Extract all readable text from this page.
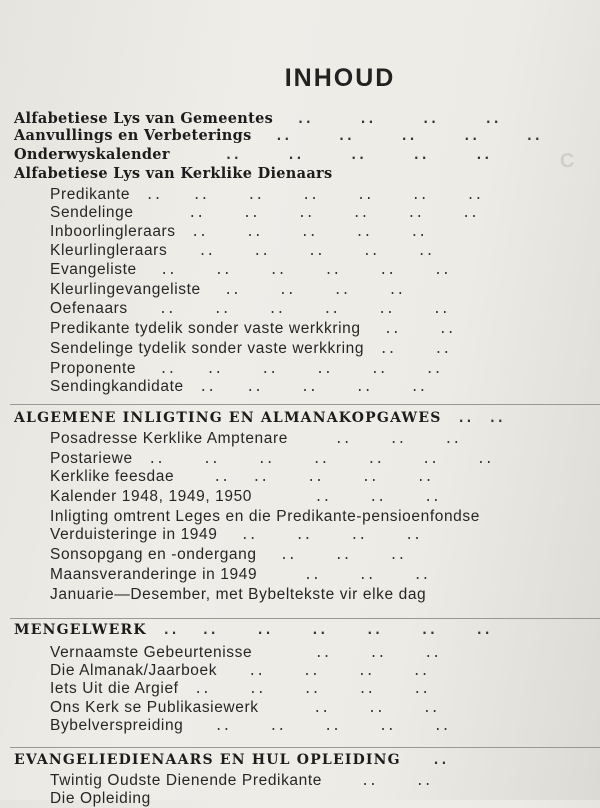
C
INHOUD
Alfabetiese Lys van Gemeentes   ..      ..      ..      ..
Aanvullings en Verbeterings   ..      ..      ..      ..      ..
Onderwyskalender       ..      ..      ..      ..      ..
Alfabetiese Lys van Kerklike Dienaars
Predikante  ..    ..     ..     ..     ..     ..     ..
Sendelinge       ..     ..     ..     ..     ..     ..
Inboorlingleraars  ..     ..     ..     ..     ..
Kleurlingleraars    ..     ..     ..     ..     ..
Evangeliste   ..     ..     ..     ..     ..     ..
Kleurlingevangeliste   ..     ..     ..     ..
Oefenaars    ..     ..     ..     ..     ..     ..
Predikante tydelik sonder vaste werkkring   ..     ..
Sendelinge tydelik sonder vaste werkkring  ..     ..
Proponente   ..    ..     ..     ..     ..     ..
Sendingkandidate  ..    ..     ..     ..     ..
ALGEMENE INLIGTING EN ALMANAKOPGAWES  ..  ..
Posadresse Kerklike Amptenare      ..     ..     ..
Postariewe  ..     ..     ..     ..     ..     ..     ..
Kerklike feesdae     ..   ..     ..     ..     ..
Kalender 1948, 1949, 1950        ..     ..     ..
Inligting omtrent Leges en die Predikante-pensioenfondse
Verduisteringe in 1949   ..     ..     ..     ..
Sonsopgang en -ondergang   ..     ..     ..
Maansveranderinge in 1949      ..     ..     ..
Januarie—Desember, met Bybeltekste vir elke dag
MENGELWERK  ..   ..     ..     ..     ..     ..     ..
Vernaamste Gebeurtenisse        ..     ..     ..
Die Almanak/Jaarboek    ..     ..     ..     ..
Iets Uit die Argief  ..     ..     ..     ..     ..
Ons Kerk se Publikasiewerk       ..     ..     ..
Bybelverspreiding    ..     ..     ..     ..     ..
EVANGELIEDIENAARS EN HUL OPLEIDING    ..
Twintig Oudste Dienende Predikante     ..     ..
Die Opleiding
